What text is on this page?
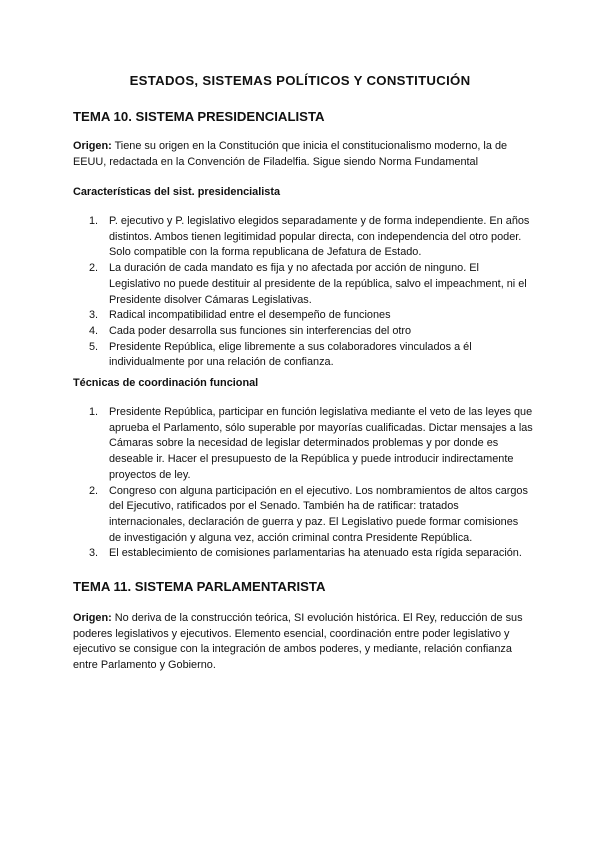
ESTADOS, SISTEMAS POLÍTICOS Y CONSTITUCIÓN
TEMA 10. SISTEMA PRESIDENCIALISTA
Origen: Tiene su origen en la Constitución que inicia el constitucionalismo moderno, la de EEUU, redactada en la Convención de Filadelfia. Sigue siendo Norma Fundamental
Características del sist. presidencialista
1. P. ejecutivo y P. legislativo elegidos separadamente y de forma independiente. En años distintos. Ambos tienen legitimidad popular directa, con independencia del otro poder. Solo compatible con la forma republicana de Jefatura de Estado.
2. La duración de cada mandato es fija y no afectada por acción de ninguno. El Legislativo no puede destituir al presidente de la república, salvo el impeachment, ni el Presidente disolver Cámaras Legislativas.
3. Radical incompatibilidad entre el desempeño de funciones
4. Cada poder desarrolla sus funciones sin interferencias del otro
5. Presidente República, elige libremente a sus colaboradores vinculados a él individualmente por una relación de confianza.
Técnicas de coordinación funcional
1. Presidente República, participar en función legislativa mediante el veto de las leyes que aprueba el Parlamento, sólo superable por mayorías cualificadas. Dictar mensajes a las Cámaras sobre la necesidad de legislar determinados problemas y por donde es deseable ir. Hacer el presupuesto de la República y puede introducir indirectamente proyectos de ley.
2. Congreso con alguna participación en el ejecutivo. Los nombramientos de altos cargos del Ejecutivo, ratificados por el Senado. También ha de ratificar: tratados internacionales, declaración de guerra y paz. El Legislativo puede formar comisiones de investigación y alguna vez, acción criminal contra Presidente República.
3. El establecimiento de comisiones parlamentarias ha atenuado esta rígida separación.
TEMA 11. SISTEMA PARLAMENTARISTA
Origen: No deriva de la construcción teórica, SI evolución histórica. El Rey, reducción de sus poderes legislativos y ejecutivos. Elemento esencial, coordinación entre poder legislativo y ejecutivo se consigue con la integración de ambos poderes, y mediante, relación confianza entre Parlamento y Gobierno.
